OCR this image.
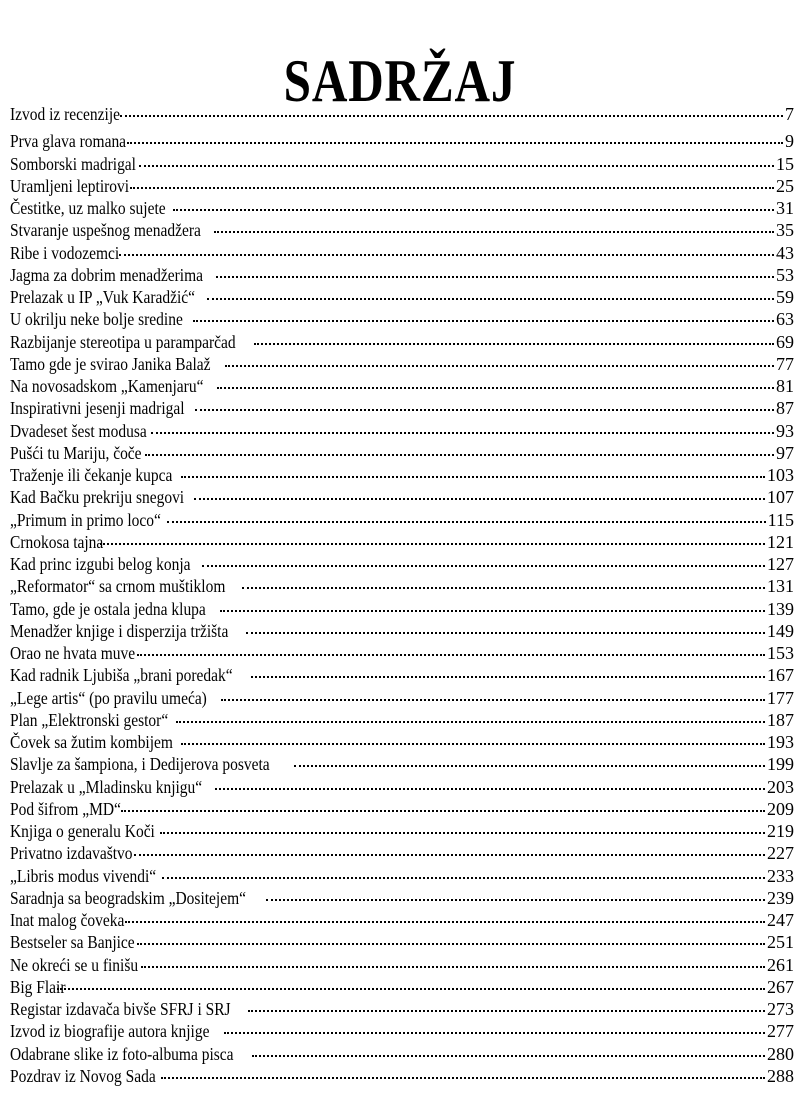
SADRŽAJ
Izvod iz recenzije	7
Prva glava romana	9
Somborski madrigal	15
Uramljeni leptirovi	25
Čestitke, uz malko sujete	31
Stvaranje uspešnog menadžera	35
Ribe i vodozemci	43
Jagma za dobrim menadžerima	53
Prelazak u IP „Vuk Karadžić“	59
U okrilju neke bolje sredine	63
Razbijanje stereotipa u paramparčad	69
Tamo gde je svirao Janika Balaž	77
Na novosadskom „Kamenjaru“	81
Inspirativni jesenji madrigal	87
Dvadeset šest modusa	93
Pušći tu Mariju, čoče	97
Traženje ili čekanje kupca	103
Kad Bačku prekriju snegovi	107
„Primum in primo loco“	115
Crnokosa tajna	121
Kad princ izgubi belog konja	127
„Reformator“ sa crnom muštiklom	131
Tamo, gde je ostala jedna klupa	139
Menadžer knjige i disperzija tržišta	149
Orao ne hvata muve	153
Kad radnik Ljubiša „brani poredak“	167
„Lege artis“ (po pravilu umeća)	177
Plan „Elektronski gestor“	187
Čovek sa žutim kombijem	193
Slavlje za šampiona, i Dedijerova posveta	199
Prelazak u „Mladinsku knjigu“	203
Pod šifrom „MD“	209
Knjiga o generalu Koči	219
Privatno izdavaštvo	227
„Libris modus vivendi“	233
Saradnja sa beogradskim „Dositejem“	239
Inat malog čoveka	247
Bestseler sa Banjice	251
Ne okreći se u finišu	261
Big Flair	267
Registar izdavača bivše SFRJ i SRJ	273
Izvod iz biografije autora knjige	277
Odabrane slike iz foto-albuma pisca	280
Pozdrav iz Novog Sada	288
